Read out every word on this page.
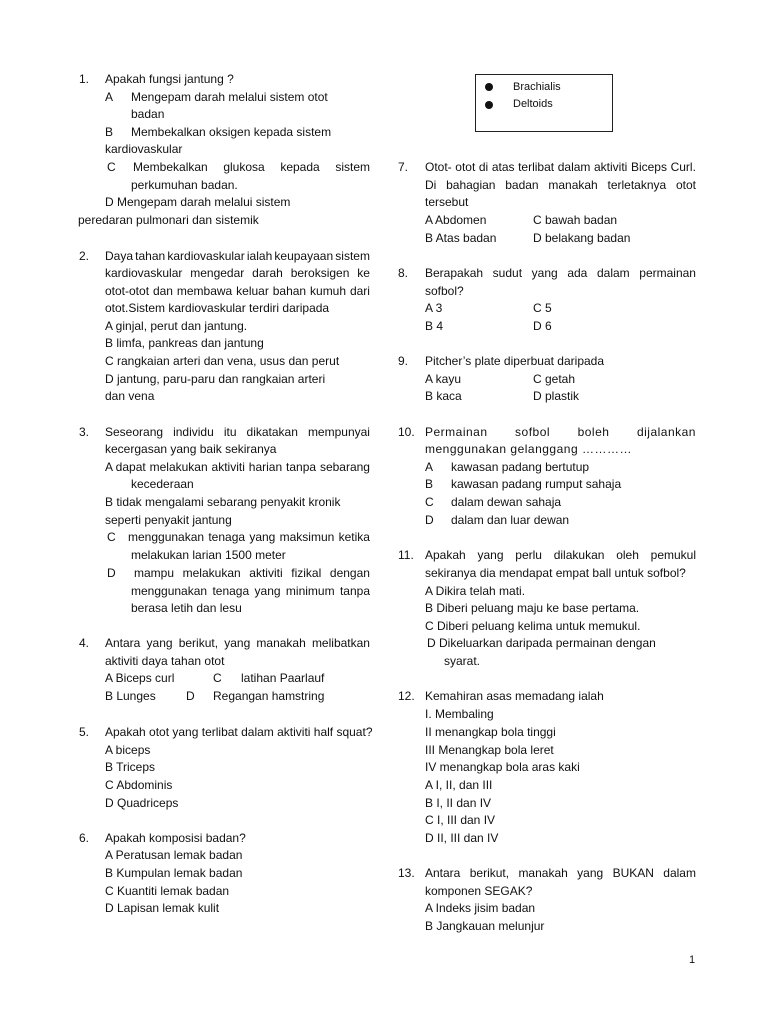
1. Apakah fungsi jantung ?
A Mengepam darah melalui sistem otot
badan
B Membekalkan oksigen kepada sistem
kardiovaskular
C Membekalkan glukosa kepada sistem
perkumuhan badan.
D Mengepam darah melalui sistem
peredaran pulmonari dan sistemik
2. Daya tahan kardiovaskular ialah keupayaan sistem
kardiovaskular mengedar darah beroksigen ke
otot-otot dan membawa keluar bahan kumuh dari
otot.Sistem kardiovaskular terdiri daripada
A ginjal, perut dan jantung.
B limfa, pankreas dan jantung
C rangkaian arteri dan vena, usus dan perut
D jantung, paru-paru dan rangkaian arteri
dan vena
3. Seseorang individu itu dikatakan mempunyai
kecergasan yang baik sekiranya
A dapat melakukan aktiviti harian tanpa sebarang
kecederaan
B tidak mengalami sebarang penyakit kronik
seperti penyakit jantung
C menggunakan tenaga yang maksimun ketika
melakukan larian 1500 meter
D mampu melakukan aktiviti fizikal dengan
menggunakan tenaga yang minimum tanpa
berasa letih dan lesu
4. Antara yang berikut, yang manakah melibatkan
aktiviti daya tahan otot
A Biceps curl	C latihan Paarlauf
B Lunges	D Regangan hamstring
5. Apakah otot yang terlibat dalam aktiviti half squat?
A biceps
B Triceps
C Abdominis
D Quadriceps
6. Apakah komposisi badan?
A Peratusan lemak badan
B Kumpulan lemak badan
C Kuantiti lemak badan
D Lapisan lemak kulit
Brachialis
Deltoids
7. Otot- otot di atas terlibat dalam aktiviti Biceps Curl.
Di bahagian badan manakah terletaknya otot
tersebut
A Abdomen	C bawah badan
B Atas badan	D belakang badan
8. Berapakah sudut yang ada dalam permainan
sofbol?
A 3	C 5
B 4	D 6
9. Pitcher’s plate diperbuat daripada
A kayu	C getah
B kaca	D plastik
10. Permainan sofbol boleh dijalankan
menggunakan gelanggang …………
A kawasan padang bertutup
B kawasan padang rumput sahaja
C dalam dewan sahaja
D dalam dan luar dewan
11. Apakah yang perlu dilakukan oleh pemukul
sekiranya dia mendapat empat ball untuk sofbol?
A Dikira telah mati.
B Diberi peluang maju ke base pertama.
C Diberi peluang kelima untuk memukul.
D Dikeluarkan daripada permainan dengan
syarat.
12. Kemahiran asas memadang ialah
I. Membaling
II menangkap bola tinggi
III Menangkap bola leret
IV menangkap bola aras kaki
A I, II, dan III
B I, II dan IV
C I, III dan IV
D II, III dan IV
13. Antara berikut, manakah yang BUKAN dalam
komponen SEGAK?
A Indeks jisim badan
B Jangkauan melunjur
1
